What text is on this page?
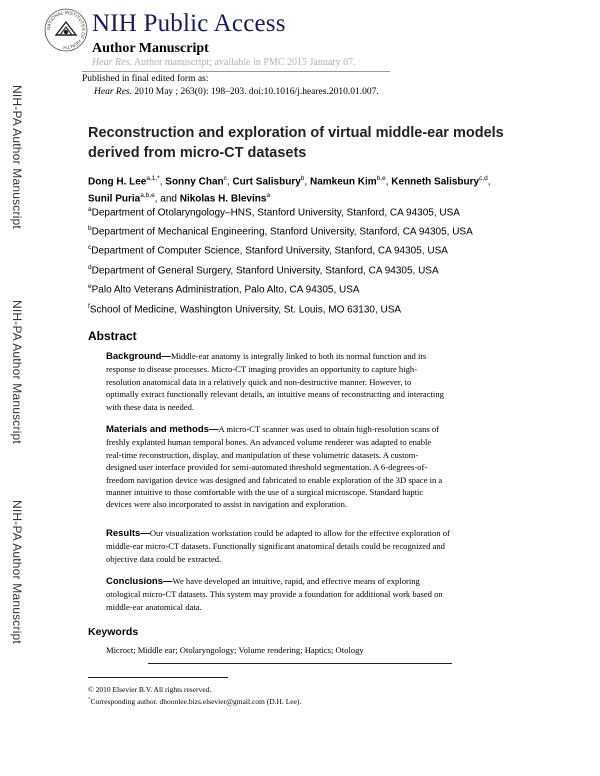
NIH-PA Author Manuscript
NIH-PA Author Manuscript
NIH-PA Author Manuscript
NATIONAL INSTITUTES OF HEALTH
NIH Public Access
Author Manuscript
Hear Res. Author manuscript; available in PMC 2015 January 07.
Published in final edited form as:
Hear Res. 2010 May ; 263(0): 198–203. doi:10.1016/j.heares.2010.01.007.
Reconstruction and exploration of virtual middle-ear models
derived from micro-CT datasets
Dong H. Lee$^{a,1,*}$, Sonny Chan$^c$, Curt Salisbury$^b$, Namkeun Kim$^{b,e}$, Kenneth Salisbury$^{c,d}$,
Sunil Puria$^{a,b,e}$, and Nikolas H. Blevins$^a$
$^a$Department of Otolaryngology–HNS, Stanford University, Stanford, CA 94305, USA
$^b$Department of Mechanical Engineering, Stanford University, Stanford, CA 94305, USA
$^c$Department of Computer Science, Stanford University, Stanford, CA 94305, USA
$^d$Department of General Surgery, Stanford University, Stanford, CA 94305, USA
$^e$Palo Alto Veterans Administration, Palo Alto, CA 94305, USA
$^f$School of Medicine, Washington University, St. Louis, MO 63130, USA
Abstract
Background—Middle-ear anatomy is integrally linked to both its normal function and its
response to disease processes. Micro-CT imaging provides an opportunity to capture high-
resolution anatomical data in a relatively quick and non-destructive manner. However, to
optimally extract functionally relevant details, an intuitive means of reconstructing and interacting
with these data is needed.
Materials and methods—A micro-CT scanner was used to obtain high-resolution scans of
freshly explanted human temporal bones. An advanced volume renderer was adapted to enable
real-time reconstruction, display, and manipulation of these volumetric datasets. A custom-
designed user interface provided for semi-automated threshold segmentation. A 6-degrees-of-
freedom navigation device was designed and fabricated to enable exploration of the 3D space in a
manner intuitive to those comfortable with the use of a surgical microscope. Standard haptic
devices were also incorporated to assist in navigation and exploration.
Results—Our visualization workstation could be adapted to allow for the effective exploration of
middle-ear micro-CT datasets. Functionally significant anatomical details could be recognized and
objective data could be extracted.
Conclusions—We have developed an intuitive, rapid, and effective means of exploring
otological micro-CT datasets. This system may provide a foundation for additional work based on
middle-ear anatomical data.
Keywords
Microct; Middle ear; Otolaryngology; Volume rendering; Haptics; Otology
© 2010 Elsevier B.V. All rights reserved.
*Corresponding author. dhoonlee.bizs.elsevier@gmail.com (D.H. Lee).
